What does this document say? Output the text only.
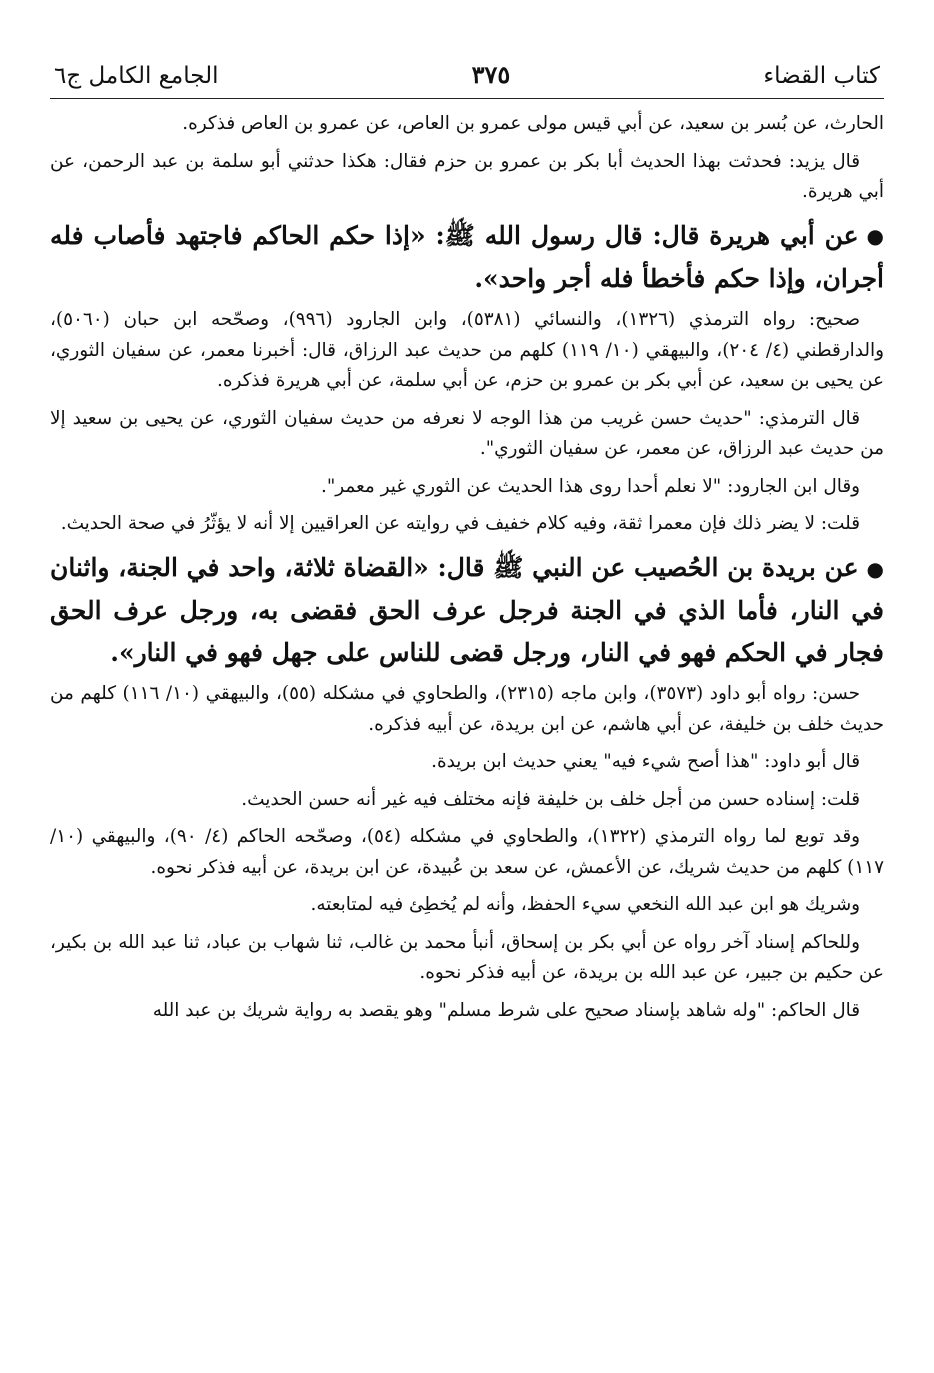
كتاب القضاء
٣٧٥
الجامع الكامل ج٦

الحارث، عن بُسر بن سعيد، عن أبي قيس مولى عمرو بن العاص، عن عمرو بن العاص فذكره.

قال يزيد: فحدثت بهذا الحديث أبا بكر بن عمرو بن حزم فقال: هكذا حدثني أبو سلمة بن عبد الرحمن، عن أبي هريرة.

●عن أبي هريرة قال: قال رسول الله ﷺ: «إذا حكم الحاكم فاجتهد فأصاب فله أجران، وإذا حكم فأخطأ فله أجر واحد».

صحيح: رواه الترمذي (١٣٢٦)، والنسائي (٥٣٨١)، وابن الجارود (٩٩٦)، وصحّحه ابن حبان (٥٠٦٠)، والدارقطني (٤/ ٢٠٤)، والبيهقي (١٠/ ١١٩) كلهم من حديث عبد الرزاق، قال: أخبرنا معمر، عن سفيان الثوري، عن يحيى بن سعيد، عن أبي بكر بن عمرو بن حزم، عن أبي سلمة، عن أبي هريرة فذكره.

قال الترمذي: "حديث حسن غريب من هذا الوجه لا نعرفه من حديث سفيان الثوري، عن يحيى بن سعيد إلا من حديث عبد الرزاق، عن معمر، عن سفيان الثوري".

وقال ابن الجارود: "لا نعلم أحدا روى هذا الحديث عن الثوري غير معمر".

قلت: لا يضر ذلك فإن معمرا ثقة، وفيه كلام خفيف في روايته عن العراقيين إلا أنه لا يؤثّرُ في صحة الحديث.

●عن بريدة بن الحُصيب عن النبي ﷺ قال: «القضاة ثلاثة، واحد في الجنة، واثنان في النار، فأما الذي في الجنة فرجل عرف الحق فقضى به، ورجل عرف الحق فجار في الحكم فهو في النار، ورجل قضى للناس على جهل فهو في النار».

حسن: رواه أبو داود (٣٥٧٣)، وابن ماجه (٢٣١٥)، والطحاوي في مشكله (٥٥)، والبيهقي (١٠/ ١١٦) كلهم من حديث خلف بن خليفة، عن أبي هاشم، عن ابن بريدة، عن أبيه فذكره.

قال أبو داود: "هذا أصح شيء فيه" يعني حديث ابن بريدة.

قلت: إسناده حسن من أجل خلف بن خليفة فإنه مختلف فيه غير أنه حسن الحديث.

وقد توبع لما رواه الترمذي (١٣٢٢)، والطحاوي في مشكله (٥٤)، وصحّحه الحاكم (٤/ ٩٠)، والبيهقي (١٠/ ١١٧) كلهم من حديث شريك، عن الأعمش، عن سعد بن عُبيدة، عن ابن بريدة، عن أبيه فذكر نحوه.

وشريك هو ابن عبد الله النخعي سيء الحفظ، وأنه لم يُخطِئ فيه لمتابعته.

وللحاكم إسناد آخر رواه عن أبي بكر بن إسحاق، أنبأ محمد بن غالب، ثنا شهاب بن عباد، ثنا عبد الله بن بكير، عن حكيم بن جبير، عن عبد الله بن بريدة، عن أبيه فذكر نحوه.

قال الحاكم: "وله شاهد بإسناد صحيح على شرط مسلم" وهو يقصد به رواية شريك بن عبد الله
